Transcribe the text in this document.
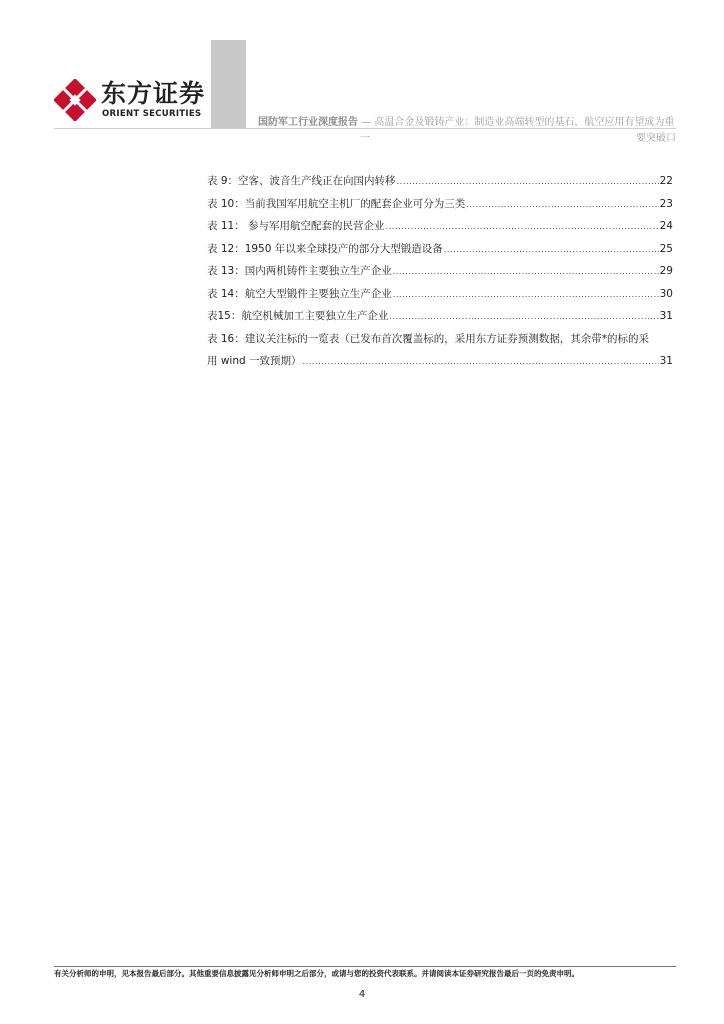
东方证券
ORIENT SECURITIES
国防军工行业深度报告 — 高温合金及锻铸产业：制造业高端转型的基石，航空应用有望成为重
一	要突破口
表 9：空客、波音生产线正在向国内转移 .....	22
表 10：当前我国军用航空主机厂的配套企业可分为三类 .....	23
表 11： 参与军用航空配套的民营企业 .....	24
表 12：1950 年以来全球投产的部分大型锻造设备 .....	25
表 13：国内两机铸件主要独立生产企业 .....	29
表 14：航空大型锻件主要独立生产企业 .....	30
表15：航空机械加工主要独立生产企业 .....	31
表 16：建议关注标的一览表（已发布首次覆盖标的，采用东方证券预测数据，其余带*的标的采
用 wind 一致预期） .....	31
有关分析师的申明，见本报告最后部分。其他重要信息披露见分析师申明之后部分，或请与您的投资代表联系。并请阅读本证券研究报告最后一页的免责申明。
4
